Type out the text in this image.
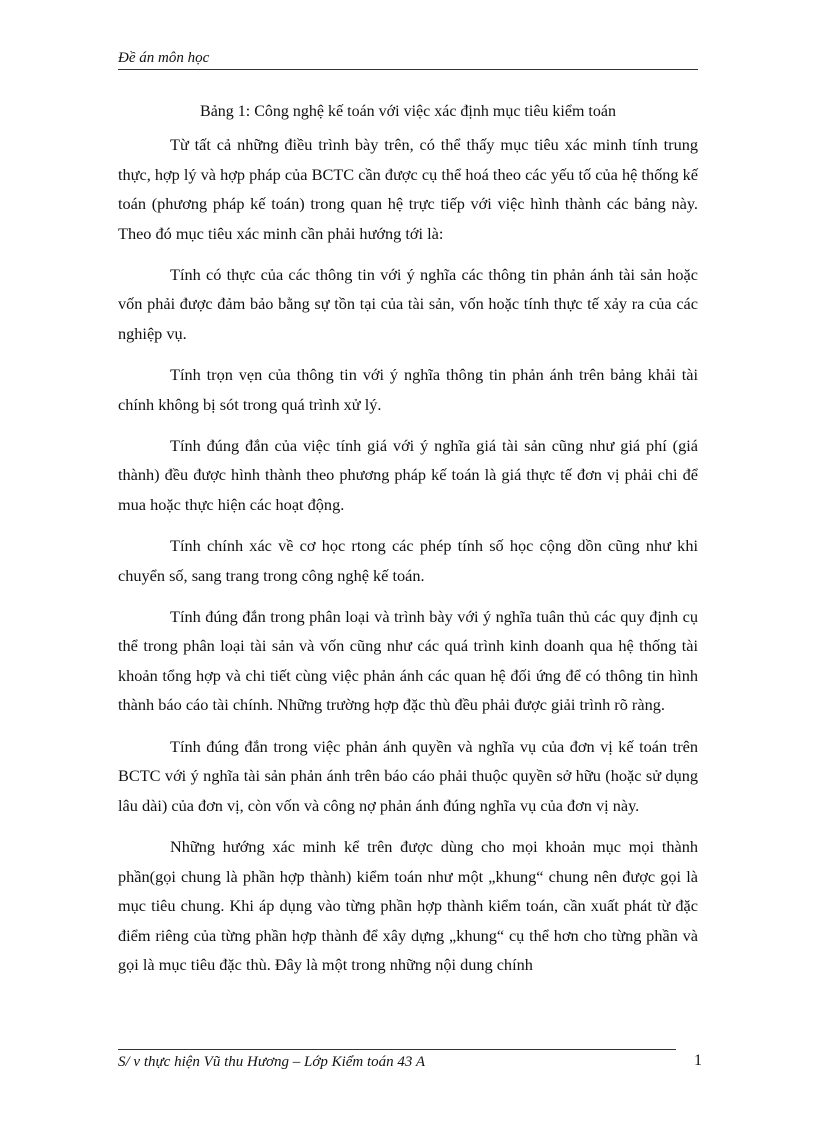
Đề án môn học
Bảng 1: Công nghệ kế toán với việc xác định mục tiêu kiểm toán

Từ tất cả những điều trình bày trên, có thể thấy mục tiêu xác minh tính trung thực, hợp lý và hợp pháp của BCTC cần được cụ thể hoá theo các yếu tố của hệ thống kế toán (phương pháp kế toán) trong quan hệ trực tiếp với việc hình thành các bảng này. Theo đó mục tiêu xác minh cần phải hướng tới là:

Tính có thực của các thông tin với ý nghĩa các thông tin phản ánh tài sản hoặc vốn phải được đảm bảo bằng sự tồn tại của tài sản, vốn hoặc tính thực tế xảy ra của các nghiệp vụ.

Tính trọn vẹn của thông tin với ý nghĩa thông tin phản ánh trên bảng khải tài chính không bị sót trong quá trình xử lý.

Tính đúng đắn của việc tính giá với ý nghĩa giá tài sản cũng như giá phí (giá thành) đều được hình thành theo phương pháp kế toán là giá thực tế đơn vị phải chi để mua hoặc thực hiện các hoạt động.

Tính chính xác về cơ học rtong các phép tính số học cộng dồn cũng như khi chuyển số, sang trang trong công nghệ kế toán.

Tính đúng đắn trong phân loại và trình bày với ý nghĩa tuân thủ các quy định cụ thể trong phân loại tài sản và vốn cũng như các quá trình kinh doanh qua hệ thống tài khoản tổng hợp và chi tiết cùng việc phản ánh các quan hệ đối ứng để có thông tin hình thành báo cáo tài chính. Những trường hợp đặc thù đều phải được giải trình rõ ràng.

Tính đúng đắn trong việc phản ánh quyền và nghĩa vụ của đơn vị kế toán trên BCTC với ý nghĩa tài sản phản ánh trên báo cáo phải thuộc quyền sở hữu (hoặc sử dụng lâu dài) của đơn vị, còn vốn và công nợ phản ánh đúng nghĩa vụ của đơn vị này.

Những hướng xác minh kể trên được dùng cho mọi khoản mục mọi thành phần(gọi chung là phần hợp thành) kiểm toán như một „khung“ chung nên được gọi là mục tiêu chung. Khi áp dụng vào từng phần hợp thành kiểm toán, cần xuất phát từ đặc điểm riêng của từng phần hợp thành để xây dựng „khung“ cụ thể hơn cho từng phần và gọi là mục tiêu đặc thù. Đây là một trong những nội dung chính

S/ v thực hiện Vũ thu Hương – Lớp Kiểm toán 43 A	1
